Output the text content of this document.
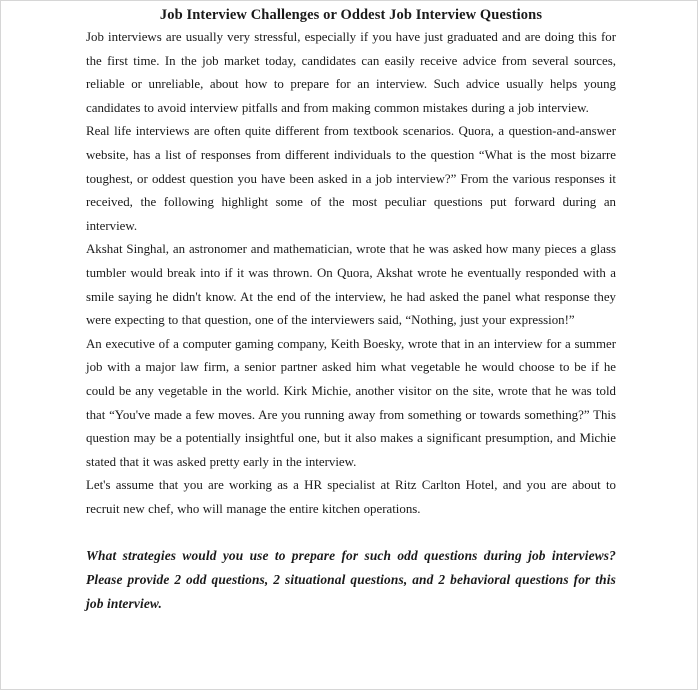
Job Interview Challenges or Oddest Job Interview Questions

Job interviews are usually very stressful, especially if you have just graduated and are doing this for the first time. In the job market today, candidates can easily receive advice from several sources, reliable or unreliable, about how to prepare for an interview. Such advice usually helps young candidates to avoid interview pitfalls and from making common mistakes during a job interview.

Real life interviews are often quite different from textbook scenarios. Quora, a question-and-answer website, has a list of responses from different individuals to the question “What is the most bizarre toughest, or oddest question you have been asked in a job interview?” From the various responses it received, the following highlight some of the most peculiar questions put forward during an interview.

Akshat Singhal, an astronomer and mathematician, wrote that he was asked how many pieces a glass tumbler would break into if it was thrown. On Quora, Akshat wrote he eventually responded with a smile saying he didn't know. At the end of the interview, he had asked the panel what response they were expecting to that question, one of the interviewers said, “Nothing, just your expression!”

An executive of a computer gaming company, Keith Boesky, wrote that in an interview for a summer job with a major law firm, a senior partner asked him what vegetable he would choose to be if he could be any vegetable in the world. Kirk Michie, another visitor on the site, wrote that he was told that “You've made a few moves. Are you running away from something or towards something?” This question may be a potentially insightful one, but it also makes a significant presumption, and Michie stated that it was asked pretty early in the interview.

Let's assume that you are working as a HR specialist at Ritz Carlton Hotel, and you are about to recruit new chef, who will manage the entire kitchen operations.

What strategies would you use to prepare for such odd questions during job interviews? Please provide 2 odd questions, 2 situational questions, and 2 behavioral questions for this job interview.
